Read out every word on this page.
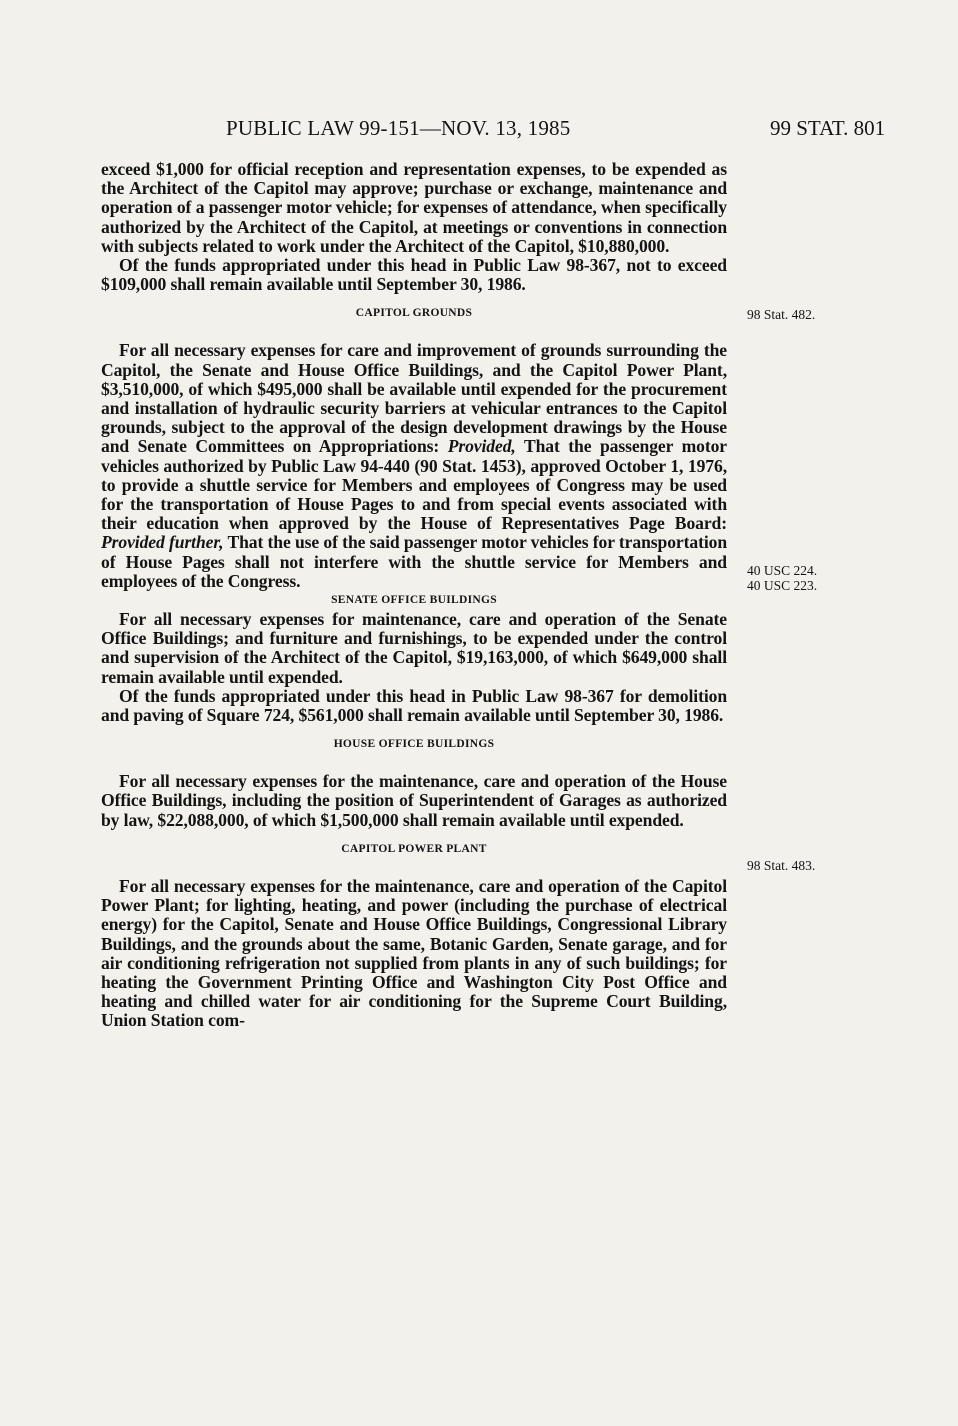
PUBLIC LAW 99-151—NOV. 13, 1985	99 STAT. 801

exceed $1,000 for official reception and representation expenses, to be expended as the Architect of the Capitol may approve; purchase or exchange, maintenance and operation of a passenger motor vehicle; for expenses of attendance, when specifically authorized by the Architect of the Capitol, at meetings or conventions in connection with subjects related to work under the Architect of the Capitol, $10,880,000.

Of the funds appropriated under this head in Public Law 98-367, not to exceed $109,000 shall remain available until September 30, 1986.

CAPITOL GROUNDS

For all necessary expenses for care and improvement of grounds surrounding the Capitol, the Senate and House Office Buildings, and the Capitol Power Plant, $3,510,000, of which $495,000 shall be available until expended for the procurement and installation of hydraulic security barriers at vehicular entrances to the Capitol grounds, subject to the approval of the design development drawings by the House and Senate Committees on Appropriations: Provided, That the passenger motor vehicles authorized by Public Law 94-440 (90 Stat. 1453), approved October 1, 1976, to provide a shuttle service for Members and employees of Congress may be used for the transportation of House Pages to and from special events associated with their education when approved by the House of Representatives Page Board: Provided further, That the use of the said passenger motor vehicles for transportation of House Pages shall not interfere with the shuttle service for Members and employees of the Congress.

SENATE OFFICE BUILDINGS

For all necessary expenses for maintenance, care and operation of the Senate Office Buildings; and furniture and furnishings, to be expended under the control and supervision of the Architect of the Capitol, $19,163,000, of which $649,000 shall remain available until expended.

Of the funds appropriated under this head in Public Law 98-367 for demolition and paving of Square 724, $561,000 shall remain available until September 30, 1986.

HOUSE OFFICE BUILDINGS

For all necessary expenses for the maintenance, care and operation of the House Office Buildings, including the position of Superintendent of Garages as authorized by law, $22,088,000, of which $1,500,000 shall remain available until expended.

CAPITOL POWER PLANT

For all necessary expenses for the maintenance, care and operation of the Capitol Power Plant; for lighting, heating, and power (including the purchase of electrical energy) for the Capitol, Senate and House Office Buildings, Congressional Library Buildings, and the grounds about the same, Botanic Garden, Senate garage, and for air conditioning refrigeration not supplied from plants in any of such buildings; for heating the Government Printing Office and Washington City Post Office and heating and chilled water for air conditioning for the Supreme Court Building, Union Station com-

98 Stat. 482.
40 USC 224.
40 USC 223.
98 Stat. 483.
